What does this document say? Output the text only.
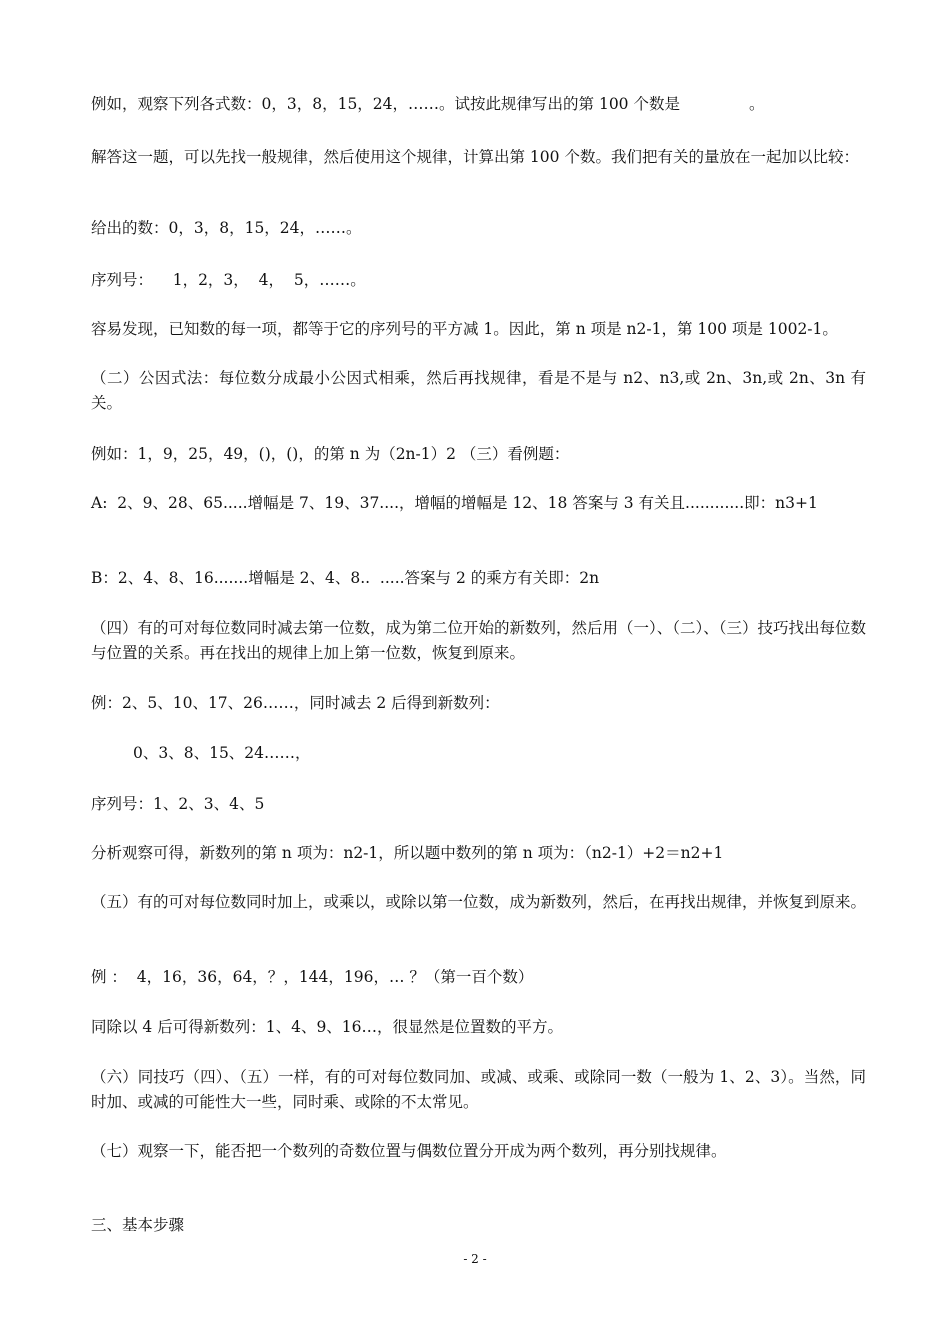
例如，观察下列各式数：0，3，8，15，24，……。试按此规律写出的第 100 个数是              。

解答这一题，可以先找一般规律，然后使用这个规律，计算出第 100 个数。我们把有关的量放在一起加以比较：

给出的数：0，3，8，15，24，……。

序列号：    1，2，3，  4，  5，……。

容易发现，已知数的每一项，都等于它的序列号的平方减 1。因此，第 n 项是 n2-1，第 100 项是 1002-1。

（二）公因式法：每位数分成最小公因式相乘，然后再找规律，看是不是与 n2、n3,或 2n、3n,或 2n、3n 有关。

例如：1，9，25，49，()，()，的第 n 为（2n-1）2 （三）看例题：

A:  2、9、28、65.....增幅是 7、19、37....，增幅的增幅是 12、18 答案与 3 有关且............即：n3+1

B：2、4、8、16.......增幅是 2、4、8..  .....答案与 2 的乘方有关即：2n

（四）有的可对每位数同时减去第一位数，成为第二位开始的新数列，然后用（一）、（二）、（三）技巧找出每位数与位置的关系。再在找出的规律上加上第一位数，恢复到原来。

例：2、5、10、17、26……，同时减去 2 后得到新数列：

0、3、8、15、24……，

序列号：1、2、3、4、5

分析观察可得，新数列的第 n 项为：n2-1，所以题中数列的第 n 项为：（n2-1）+2＝n2+1

（五）有的可对每位数同时加上，或乘以，或除以第一位数，成为新数列，然后，在再找出规律，并恢复到原来。

例 ：  4，16，36，64，？，144，196，… ？（第一百个数）

同除以 4 后可得新数列：1、4、9、16…，很显然是位置数的平方。

（六）同技巧（四）、（五）一样，有的可对每位数同加、或减、或乘、或除同一数（一般为 1、2、3）。当然，同时加、或减的可能性大一些，同时乘、或除的不太常见。

（七）观察一下，能否把一个数列的奇数位置与偶数位置分开成为两个数列，再分别找规律。

三、基本步骤

- 2 -
